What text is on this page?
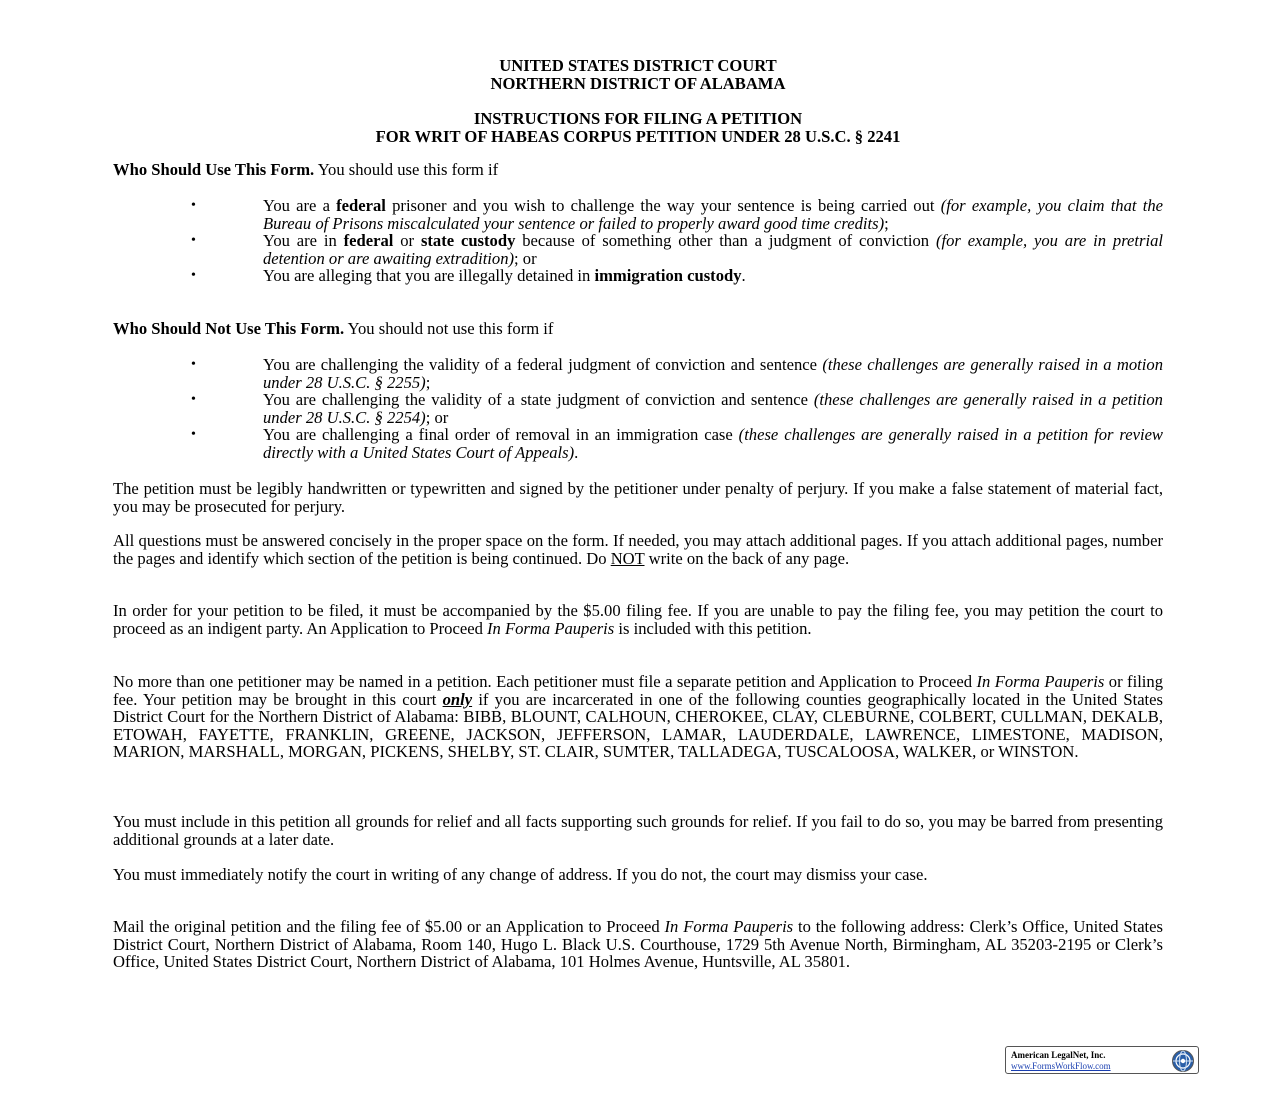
UNITED STATES DISTRICT COURT
NORTHERN DISTRICT OF ALABAMA
INSTRUCTIONS FOR FILING A PETITION
FOR WRIT OF HABEAS CORPUS PETITION UNDER 28 U.S.C. § 2241
Who Should Use This Form. You should use this form if
•	You are a federal prisoner and you wish to challenge the way your sentence is being carried out (for example, you claim that the Bureau of Prisons miscalculated your sentence or failed to properly award good time credits);
•	You are in federal or state custody because of something other than a judgment of conviction (for example, you are in pretrial detention or are awaiting extradition); or
•	You are alleging that you are illegally detained in immigration custody.
Who Should Not Use This Form. You should not use this form if
•	You are challenging the validity of a federal judgment of conviction and sentence (these challenges are generally raised in a motion under 28 U.S.C. § 2255);
•	You are challenging the validity of a state judgment of conviction and sentence (these challenges are generally raised in a petition under 28 U.S.C. § 2254); or
•	You are challenging a final order of removal in an immigration case (these challenges are generally raised in a petition for review directly with a United States Court of Appeals).
The petition must be legibly handwritten or typewritten and signed by the petitioner under penalty of perjury. If you make a false statement of material fact, you may be prosecuted for perjury.
All questions must be answered concisely in the proper space on the form. If needed, you may attach additional pages. If you attach additional pages, number the pages and identify which section of the petition is being continued. Do NOT write on the back of any page.
In order for your petition to be filed, it must be accompanied by the $5.00 filing fee. If you are unable to pay the filing fee, you may petition the court to proceed as an indigent party. An Application to Proceed In Forma Pauperis is included with this petition.
No more than one petitioner may be named in a petition. Each petitioner must file a separate petition and Application to Proceed In Forma Pauperis or filing fee. Your petition may be brought in this court only if you are incarcerated in one of the following counties geographically located in the United States District Court for the Northern District of Alabama: BIBB, BLOUNT, CALHOUN, CHEROKEE, CLAY, CLEBURNE, COLBERT, CULLMAN, DEKALB, ETOWAH, FAYETTE, FRANKLIN, GREENE, JACKSON, JEFFERSON, LAMAR, LAUDERDALE, LAWRENCE, LIMESTONE, MADISON, MARION, MARSHALL, MORGAN, PICKENS, SHELBY, ST. CLAIR, SUMTER, TALLADEGA, TUSCALOOSA, WALKER, or WINSTON.
You must include in this petition all grounds for relief and all facts supporting such grounds for relief. If you fail to do so, you may be barred from presenting additional grounds at a later date.
You must immediately notify the court in writing of any change of address. If you do not, the court may dismiss your case.
Mail the original petition and the filing fee of $5.00 or an Application to Proceed In Forma Pauperis to the following address: Clerk’s Office, United States District Court, Northern District of Alabama, Room 140, Hugo L. Black U.S. Courthouse, 1729 5th Avenue North, Birmingham, AL 35203-2195 or Clerk’s Office, United States District Court, Northern District of Alabama, 101 Holmes Avenue, Huntsville, AL 35801.
American LegalNet, Inc.
www.FormsWorkFlow.com
